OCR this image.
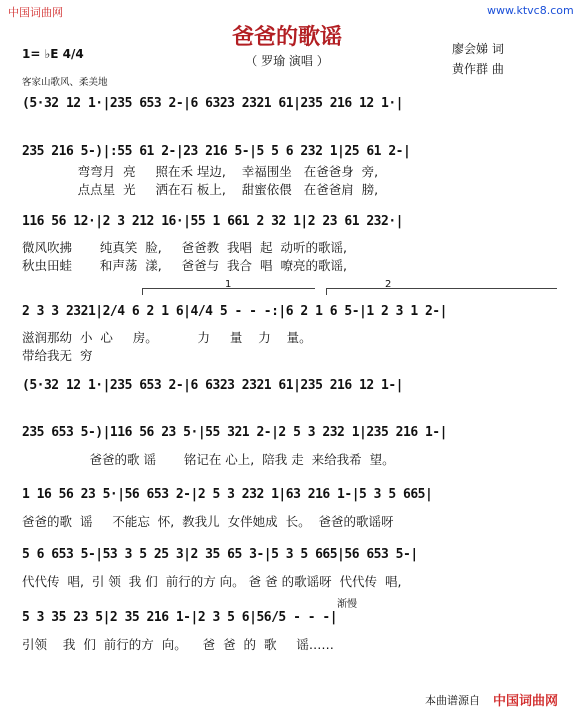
中国词曲网	www.ktvc8.com
爸爸的歌谣
（ 罗瑜 演唱 ）
廖会娣 词
黄作群 曲
1= ♭E 4/4
客家山歌风、柔美地
1	2
渐慢
(5·32 12 1·|235 653 2-|6 6323 2321 61|235 216 12 1·|
235 216 5-)|:55 61 2-|23 216 5-|5 5 6 232 1|25 61 2-|
弯弯月  亮     照在禾 埕边,    幸福围坐   在爸爸身  旁,
点点星  光     洒在石 板上,    甜蜜依偎   在爸爸肩  膀,
116 56 12·|2 3 212 16·|55 1 661 2 32 1|2 23 61 232·|
微风吹拂       纯真笑  脸,     爸爸教  我唱  起  动听的歌谣,
秋虫田蛙       和声荡  漾,     爸爸与  我合  唱  嘹亮的歌谣,
2 3 3 2321|2/4 6 2 1 6|4/4 5 - - -:|6 2 1 6 5-|1 2 3 1 2-|
滋润那幼  小  心     房。          力     量    力    量。
带给我无  穷
(5·32 12 1·|235 653 2-|6 6323 2321 61|235 216 12 1-|
235 653 5-)|116 56 23 5·|55 321 2-|2 5 3 232 1|235 216 1-|
爸爸的歌 谣       铭记在 心上,  陪我 走  来给我希  望。
1 16 56 23 5·|56 653 2-|2 5 3 232 1|63 216 1-|5 3 5 665|
爸爸的歌  谣     不能忘  怀,  教我儿  女伴她成  长。  爸爸的歌谣呀
5 6 653 5-|53 3 5 25 3|2 35 65 3-|5 3 5 665|56 653 5-|
代代传  唱,  引 领  我 们  前行的方 向。 爸 爸 的歌谣呀  代代传  唱,
5 3 35 23 5|2 35 216 1-|2 3 5 6|56/5 - - -|
引领    我  们  前行的方  向。    爸  爸  的  歌     谣……
本曲谱源自 中国词曲网
